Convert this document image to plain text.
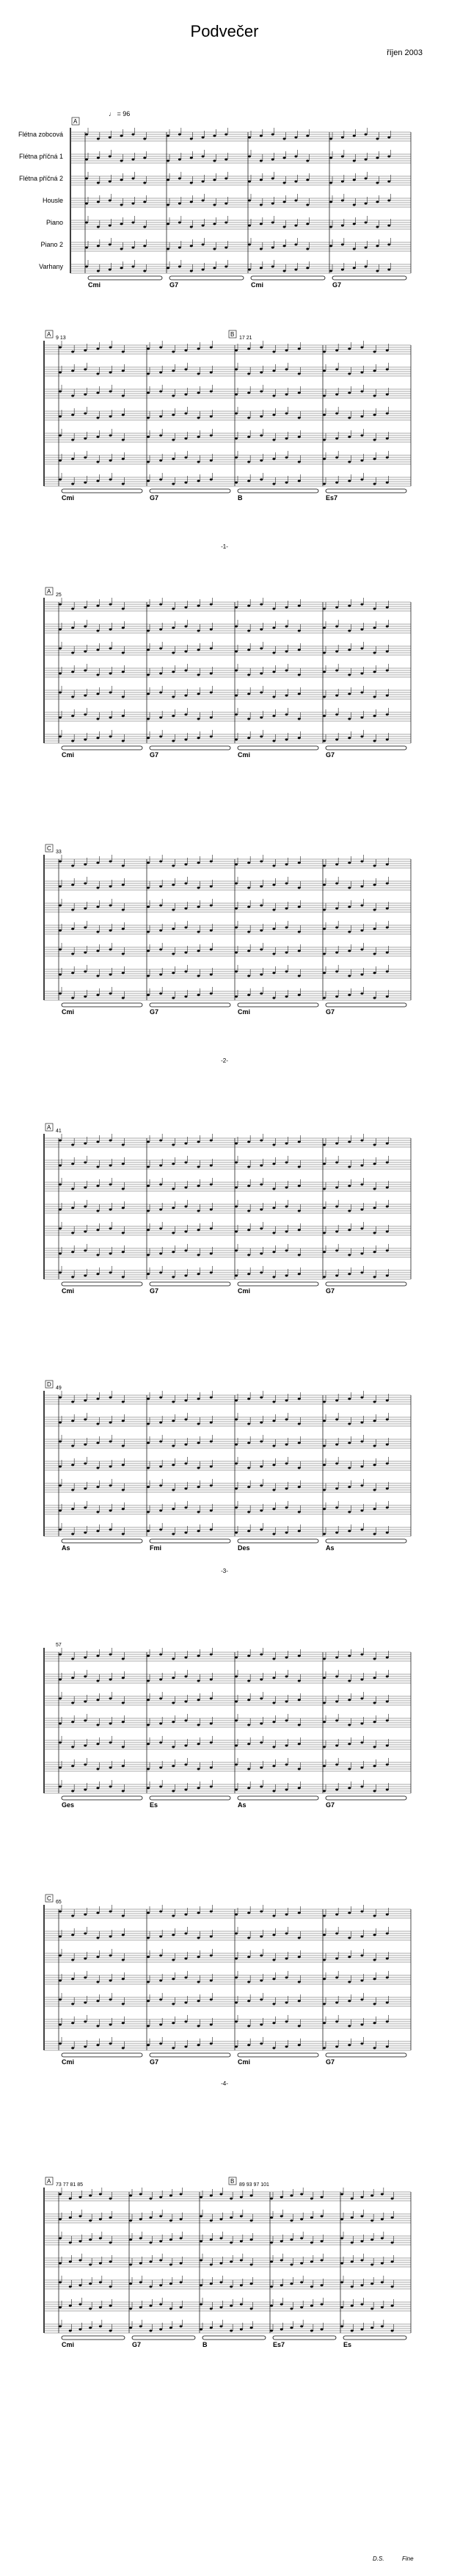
Podvečer
říjen 2003
Cmi	G7	Cmi	G7
A
Cmi	G7	B	Es7
A	B
9 13	17 21
Cmi	G7	Cmi	G7
A
25
Cmi	G7	Cmi	G7
C
33
Cmi	G7	Cmi	G7
A
41
As	Fmi	Des	As
D
49
Ges	Es	As	G7
57
Cmi	G7	Cmi	G7
C
65
Cmi	G7	B	Es7	Es
A	B
73 77 81 85	89 93 97 101
Flétna zobcová
Flétna příčná 1
Flétna příčná 2
Housle
Piano
Piano 2
Varhany
♩ = 96
-1-
-2-
-3-
-4-
D.S.	Fine
